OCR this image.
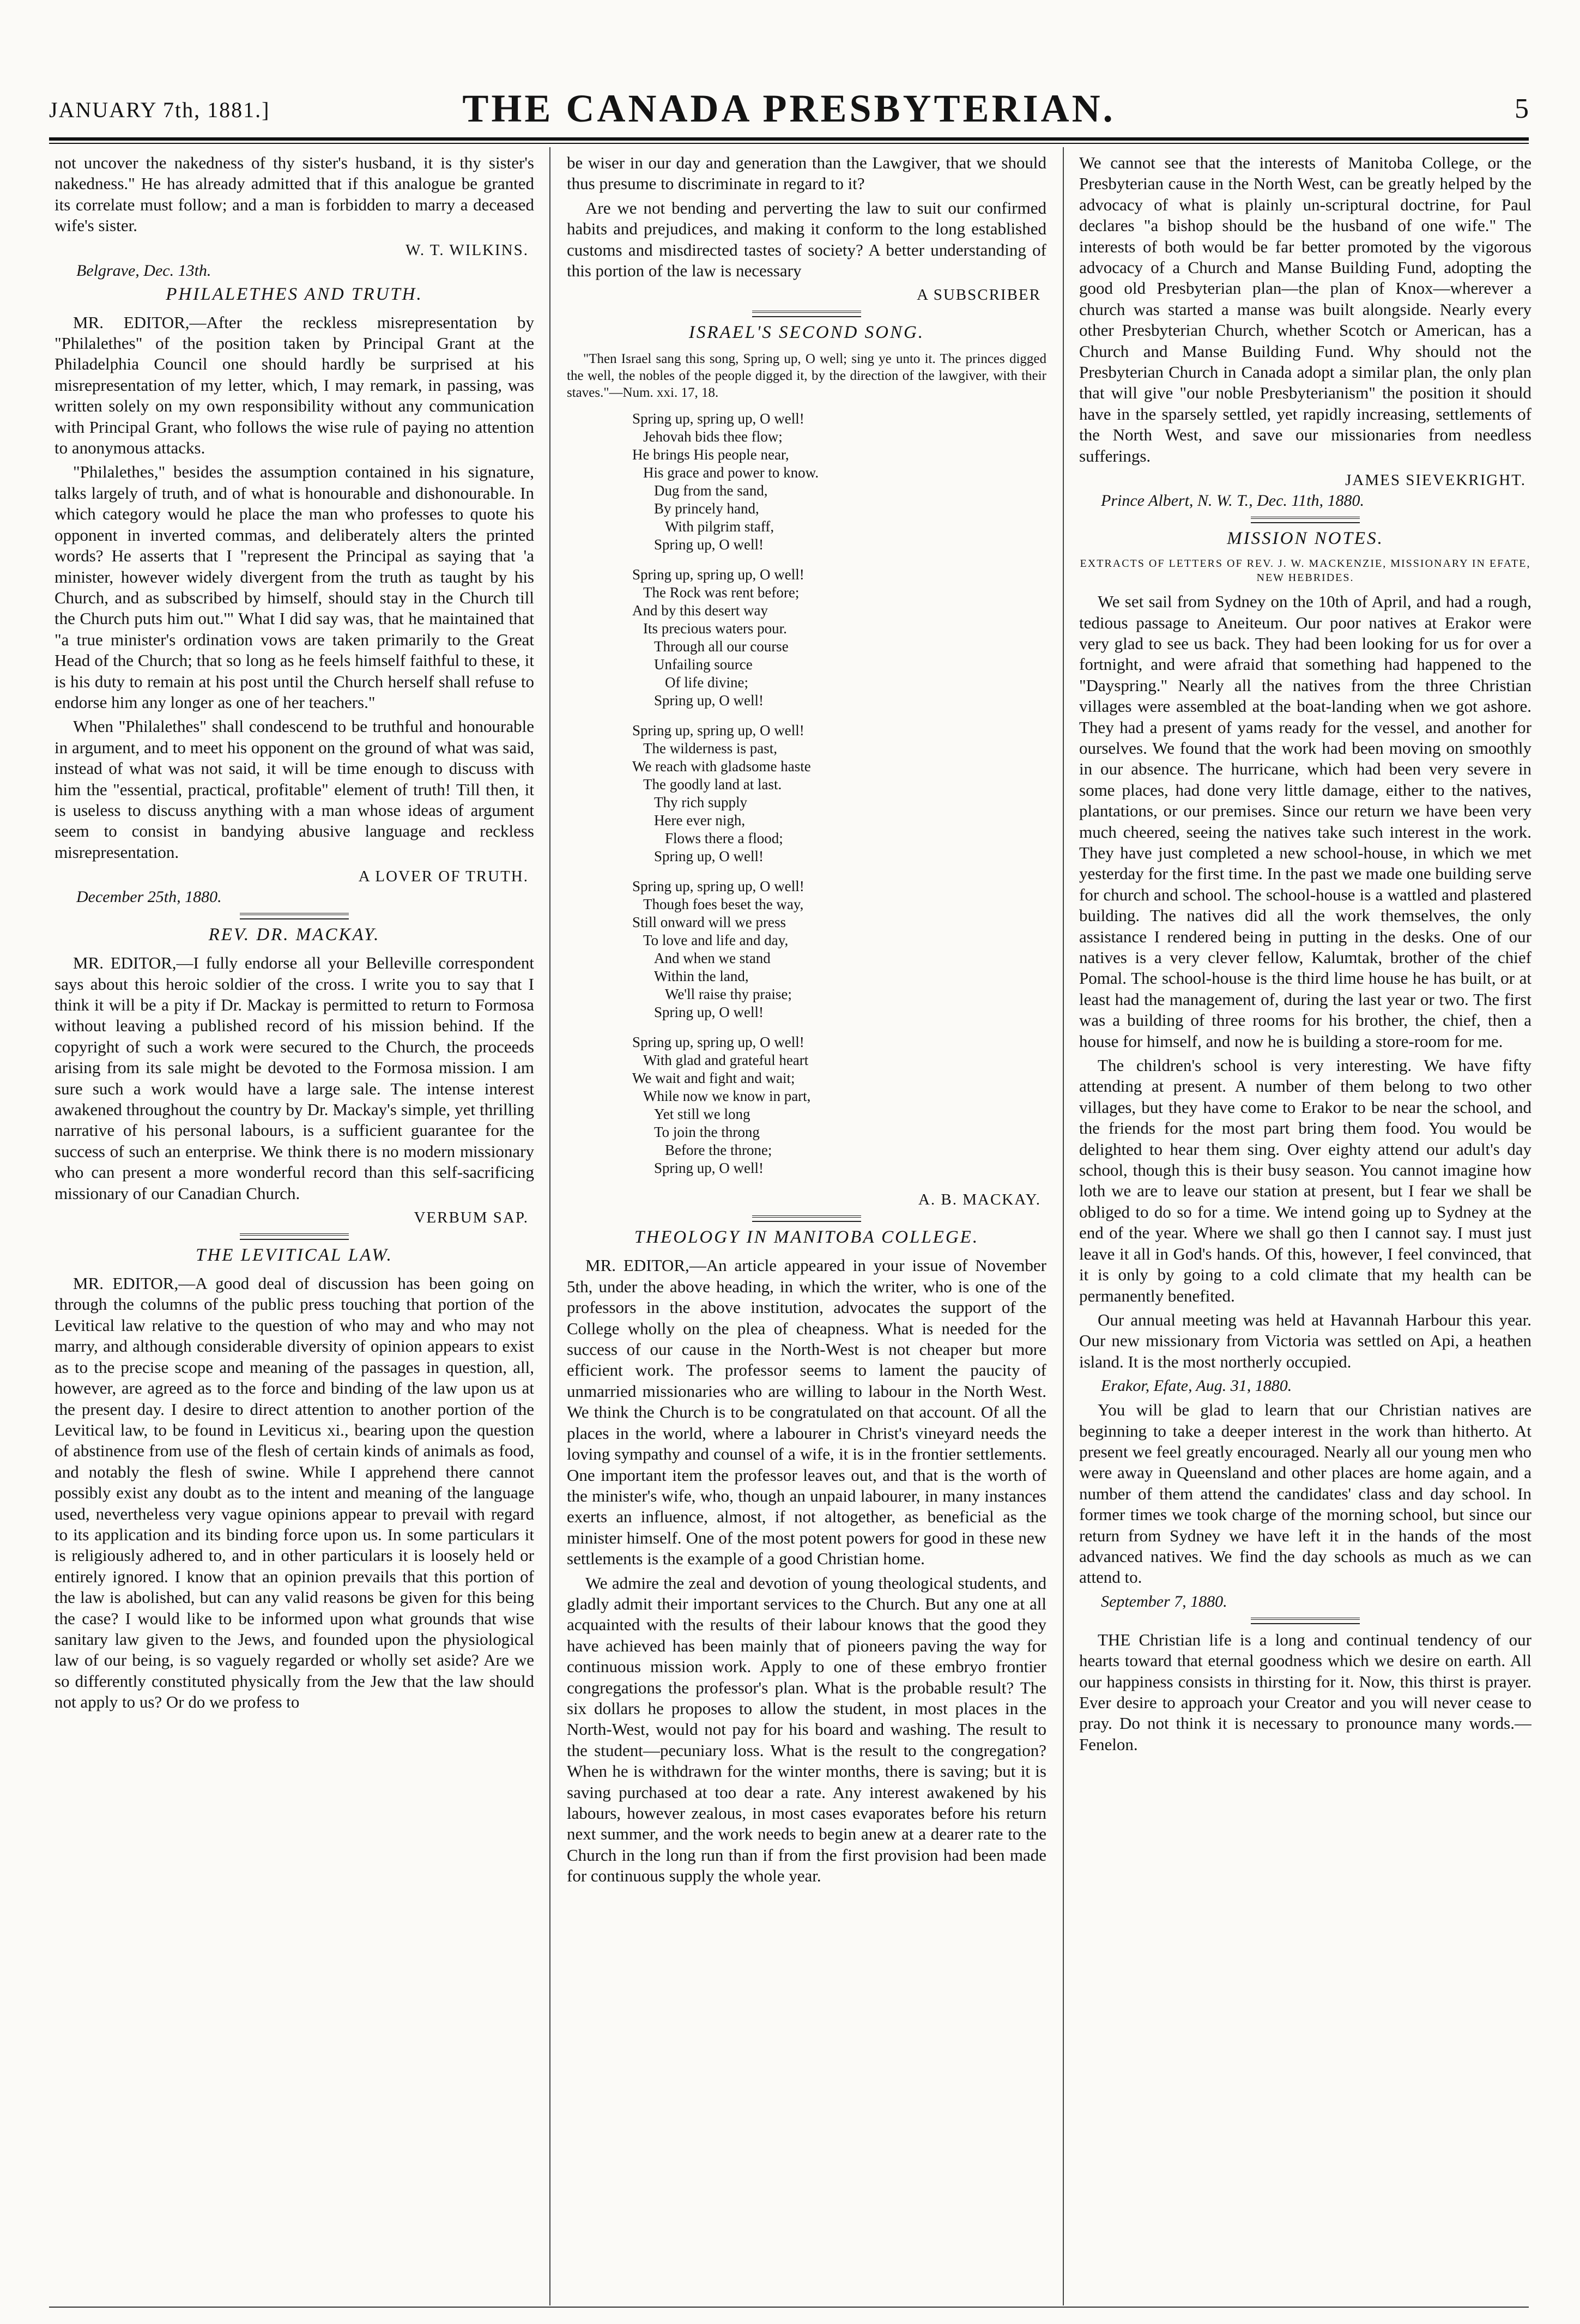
JANUARY 7th, 1881.]	THE CANADA PRESBYTERIAN.	5

not uncover the nakedness of thy sister's husband, it is thy sister's nakedness." He has already admitted that if this analogue be granted its correlate must follow; and a man is forbidden to marry a deceased wife's sister.

W. T. WILKINS.
Belgrave, Dec. 13th.
PHILALETHES AND TRUTH.

MR. EDITOR,—After the reckless misrepresentation by "Philalethes" of the position taken by Principal Grant at the Philadelphia Council one should hardly be surprised at his misrepresentation of my letter, which, I may remark, in passing, was written solely on my own responsibility without any communication with Principal Grant, who follows the wise rule of paying no attention to anonymous attacks.

"Philalethes," besides the assumption contained in his signature, talks largely of truth, and of what is honourable and dishonourable. In which category would he place the man who professes to quote his opponent in inverted commas, and deliberately alters the printed words? He asserts that I "represent the Principal as saying that 'a minister, however widely divergent from the truth as taught by his Church, and as subscribed by himself, should stay in the Church till the Church puts him out.'" What I did say was, that he maintained that "a true minister's ordination vows are taken primarily to the Great Head of the Church; that so long as he feels himself faithful to these, it is his duty to remain at his post until the Church herself shall refuse to endorse him any longer as one of her teachers."

When "Philalethes" shall condescend to be truthful and honourable in argument, and to meet his opponent on the ground of what was said, instead of what was not said, it will be time enough to discuss with him the "essential, practical, profitable" element of truth! Till then, it is useless to discuss anything with a man whose ideas of argument seem to consist in bandying abusive language and reckless misrepresentation.

A LOVER OF TRUTH.
December 25th, 1880.
REV. DR. MACKAY.

MR. EDITOR,—I fully endorse all your Belleville correspondent says about this heroic soldier of the cross. I write you to say that I think it will be a pity if Dr. Mackay is permitted to return to Formosa without leaving a published record of his mission behind. If the copyright of such a work were secured to the Church, the proceeds arising from its sale might be devoted to the Formosa mission. I am sure such a work would have a large sale. The intense interest awakened throughout the country by Dr. Mackay's simple, yet thrilling narrative of his personal labours, is a sufficient guarantee for the success of such an enterprise. We think there is no modern missionary who can present a more wonderful record than this self-sacrificing missionary of our Canadian Church.

VERBUM SAP.
THE LEVITICAL LAW.

MR. EDITOR,—A good deal of discussion has been going on through the columns of the public press touching that portion of the Levitical law relative to the question of who may and who may not marry, and although considerable diversity of opinion appears to exist as to the precise scope and meaning of the passages in question, all, however, are agreed as to the force and binding of the law upon us at the present day. I desire to direct attention to another portion of the Levitical law, to be found in Leviticus xi., bearing upon the question of abstinence from use of the flesh of certain kinds of animals as food, and notably the flesh of swine. While I apprehend there cannot possibly exist any doubt as to the intent and meaning of the language used, nevertheless very vague opinions appear to prevail with regard to its application and its binding force upon us. In some particulars it is religiously adhered to, and in other particulars it is loosely held or entirely ignored. I know that an opinion prevails that this portion of the law is abolished, but can any valid reasons be given for this being the case? I would like to be informed upon what grounds that wise sanitary law given to the Jews, and founded upon the physiological law of our being, is so vaguely regarded or wholly set aside? Are we so differently constituted physically from the Jew that the law should not apply to us? Or do we profess to

be wiser in our day and generation than the Lawgiver, that we should thus presume to discriminate in regard to it?

Are we not bending and perverting the law to suit our confirmed habits and prejudices, and making it conform to the long established customs and misdirected tastes of society? A better understanding of this portion of the law is necessary

A SUBSCRIBER
ISRAEL'S SECOND SONG.
"Then Israel sang this song, Spring up, O well; sing ye unto it. The princes digged the well, the nobles of the people digged it, by the direction of the lawgiver, with their staves."—Num. xxi. 17, 18.
Spring up, spring up, O well!
Jehovah bids thee flow;
He brings His people near,
His grace and power to know.
Dug from the sand,
By princely hand,
With pilgrim staff,
Spring up, O well!
Spring up, spring up, O well!
The Rock was rent before;
And by this desert way
Its precious waters pour.
Through all our course
Unfailing source
Of life divine;
Spring up, O well!
Spring up, spring up, O well!
The wilderness is past,
We reach with gladsome haste
The goodly land at last.
Thy rich supply
Here ever nigh,
Flows there a flood;
Spring up, O well!
Spring up, spring up, O well!
Though foes beset the way,
Still onward will we press
To love and life and day,
And when we stand
Within the land,
We'll raise thy praise;
Spring up, O well!
Spring up, spring up, O well!
With glad and grateful heart
We wait and fight and wait;
While now we know in part,
Yet still we long
To join the throng
Before the throne;
Spring up, O well!
A. B. MACKAY.
THEOLOGY IN MANITOBA COLLEGE.

MR. EDITOR,—An article appeared in your issue of November 5th, under the above heading, in which the writer, who is one of the professors in the above institution, advocates the support of the College wholly on the plea of cheapness. What is needed for the success of our cause in the North-West is not cheaper but more efficient work. The professor seems to lament the paucity of unmarried missionaries who are willing to labour in the North West. We think the Church is to be congratulated on that account. Of all the places in the world, where a labourer in Christ's vineyard needs the loving sympathy and counsel of a wife, it is in the frontier settlements. One important item the professor leaves out, and that is the worth of the minister's wife, who, though an unpaid labourer, in many instances exerts an influence, almost, if not altogether, as beneficial as the minister himself. One of the most potent powers for good in these new settlements is the example of a good Christian home.

We admire the zeal and devotion of young theological students, and gladly admit their important services to the Church. But any one at all acquainted with the results of their labour knows that the good they have achieved has been mainly that of pioneers paving the way for continuous mission work. Apply to one of these embryo frontier congregations the professor's plan. What is the probable result? The six dollars he proposes to allow the student, in most places in the North-West, would not pay for his board and washing. The result to the student—pecuniary loss. What is the result to the congregation? When he is withdrawn for the winter months, there is saving; but it is saving purchased at too dear a rate. Any interest awakened by his labours, however zealous, in most cases evaporates before his return next summer, and the work needs to begin anew at a dearer rate to the Church in the long run than if from the first provision had been made for continuous supply the whole year.

We cannot see that the interests of Manitoba College, or the Presbyterian cause in the North West, can be greatly helped by the advocacy of what is plainly un-scriptural doctrine, for Paul declares "a bishop should be the husband of one wife." The interests of both would be far better promoted by the vigorous advocacy of a Church and Manse Building Fund, adopting the good old Presbyterian plan—the plan of Knox—wherever a church was started a manse was built alongside. Nearly every other Presbyterian Church, whether Scotch or American, has a Church and Manse Building Fund. Why should not the Presbyterian Church in Canada adopt a similar plan, the only plan that will give "our noble Presbyterianism" the position it should have in the sparsely settled, yet rapidly increasing, settlements of the North West, and save our missionaries from needless sufferings.

JAMES SIEVEKRIGHT.
Prince Albert, N. W. T., Dec. 11th, 1880.
MISSION NOTES.
EXTRACTS OF LETTERS OF REV. J. W. MACKENZIE, MISSIONARY IN EFATE, NEW HEBRIDES.

We set sail from Sydney on the 10th of April, and had a rough, tedious passage to Aneiteum. Our poor natives at Erakor were very glad to see us back. They had been looking for us for over a fortnight, and were afraid that something had happened to the "Dayspring." Nearly all the natives from the three Christian villages were assembled at the boat-landing when we got ashore. They had a present of yams ready for the vessel, and another for ourselves. We found that the work had been moving on smoothly in our absence. The hurricane, which had been very severe in some places, had done very little damage, either to the natives, plantations, or our premises. Since our return we have been very much cheered, seeing the natives take such interest in the work. They have just completed a new school-house, in which we met yesterday for the first time. In the past we made one building serve for church and school. The school-house is a wattled and plastered building. The natives did all the work themselves, the only assistance I rendered being in putting in the desks. One of our natives is a very clever fellow, Kalumtak, brother of the chief Pomal. The school-house is the third lime house he has built, or at least had the management of, during the last year or two. The first was a building of three rooms for his brother, the chief, then a house for himself, and now he is building a store-room for me.

The children's school is very interesting. We have fifty attending at present. A number of them belong to two other villages, but they have come to Erakor to be near the school, and the friends for the most part bring them food. You would be delighted to hear them sing. Over eighty attend our adult's day school, though this is their busy season. You cannot imagine how loth we are to leave our station at present, but I fear we shall be obliged to do so for a time. We intend going up to Sydney at the end of the year. Where we shall go then I cannot say. I must just leave it all in God's hands. Of this, however, I feel convinced, that it is only by going to a cold climate that my health can be permanently benefited.

Our annual meeting was held at Havannah Harbour this year. Our new missionary from Victoria was settled on Api, a heathen island. It is the most northerly occupied.

Erakor, Efate, Aug. 31, 1880.

You will be glad to learn that our Christian natives are beginning to take a deeper interest in the work than hitherto. At present we feel greatly encouraged. Nearly all our young men who were away in Queensland and other places are home again, and a number of them attend the candidates' class and day school. In former times we took charge of the morning school, but since our return from Sydney we have left it in the hands of the most advanced natives. We find the day schools as much as we can attend to.

September 7, 1880.

THE Christian life is a long and continual tendency of our hearts toward that eternal goodness which we desire on earth. All our happiness consists in thirsting for it. Now, this thirst is prayer. Ever desire to approach your Creator and you will never cease to pray. Do not think it is necessary to pronounce many words.—Fenelon.
